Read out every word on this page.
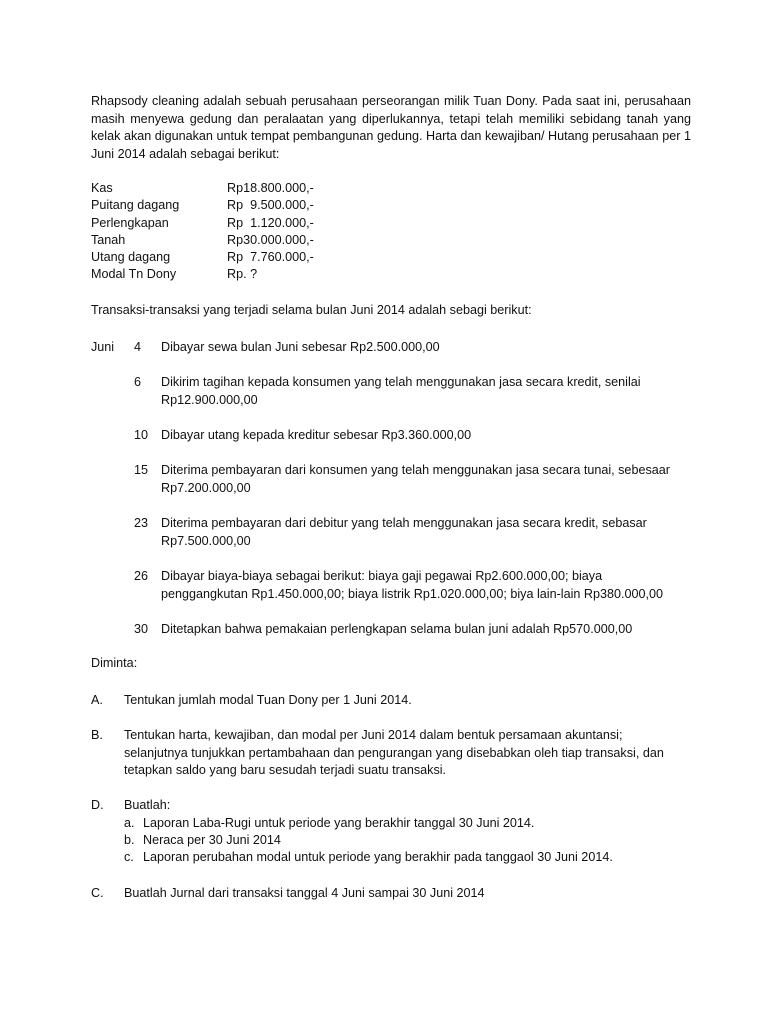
Rhapsody cleaning adalah sebuah perusahaan perseorangan milik Tuan Dony. Pada saat ini, perusahaan masih menyewa gedung dan peralaatan yang diperlukannya, tetapi telah memiliki sebidang tanah yang kelak akan digunakan untuk tempat pembangunan gedung. Harta dan kewajiban/ Hutang perusahaan per 1 Juni 2014 adalah sebagai berikut:
Kas	Rp18.800.000,-
Puitang dagang	Rp  9.500.000,-
Perlengkapan	Rp  1.120.000,-
Tanah	Rp30.000.000,-
Utang dagang	Rp  7.760.000,-
Modal Tn Dony	Rp. ?
Transaksi-transaksi yang terjadi selama bulan Juni 2014 adalah sebagi berikut:
Juni 4 Dibayar sewa bulan Juni sebesar Rp2.500.000,00
6 Dikirim tagihan kepada konsumen yang telah menggunakan jasa secara kredit, senilai Rp12.900.000,00
10 Dibayar utang kepada kreditur sebesar Rp3.360.000,00
15 Diterima pembayaran dari konsumen yang telah menggunakan jasa secara tunai, sebesaar Rp7.200.000,00
23 Diterima pembayaran dari debitur yang telah menggunakan jasa secara kredit, sebasar Rp7.500.000,00
26 Dibayar biaya-biaya sebagai berikut: biaya gaji pegawai Rp2.600.000,00; biaya penggangkutan Rp1.450.000,00; biaya listrik Rp1.020.000,00; biya lain-lain Rp380.000,00
30 Ditetapkan bahwa pemakaian perlengkapan selama bulan juni adalah Rp570.000,00
Diminta:
A. Tentukan jumlah modal Tuan Dony per 1 Juni 2014.
B. Tentukan harta, kewajiban, dan modal per Juni 2014 dalam bentuk persamaan akuntansi; selanjutnya tunjukkan pertambahaan dan pengurangan yang disebabkan oleh tiap transaksi, dan tetapkan saldo yang baru sesudah terjadi suatu transaksi.
D. Buatlah:
a. Laporan Laba-Rugi untuk periode yang berakhir tanggal 30 Juni 2014.
b. Neraca per 30 Juni 2014
c. Laporan perubahan modal untuk periode yang berakhir pada tanggaol 30 Juni 2014.
C. Buatlah Jurnal dari transaksi tanggal 4 Juni sampai 30 Juni 2014
